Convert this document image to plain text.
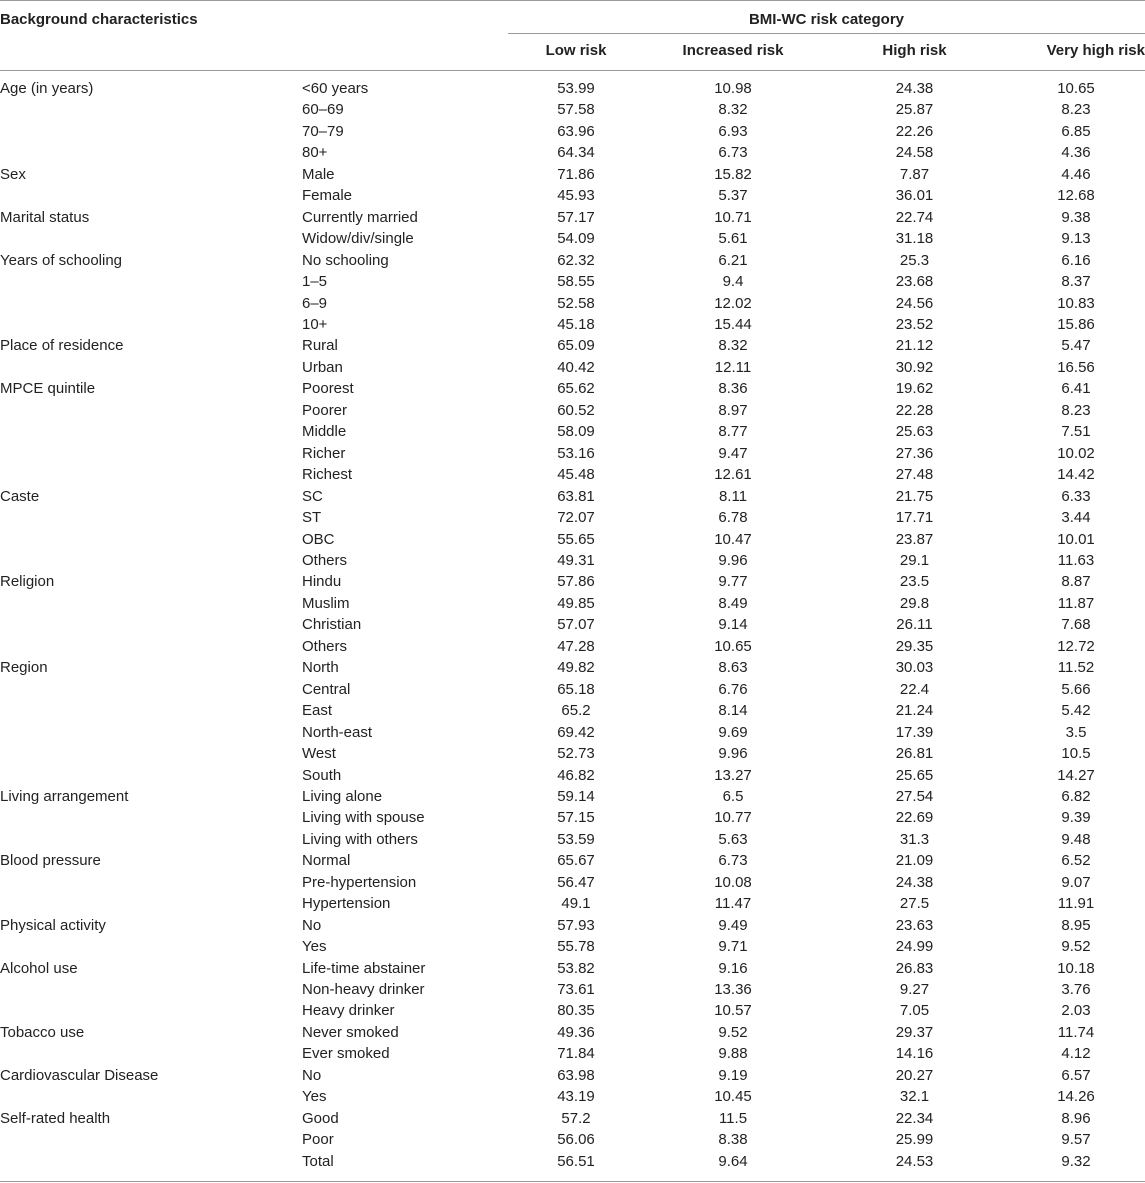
Background characteristics	BMI-WC risk category
Low risk	Increased risk	High risk	Very high risk
Age (in years)	<60 years	53.99	10.98	24.38	10.65
	60–69	57.58	8.32	25.87	8.23
	70–79	63.96	6.93	22.26	6.85
	80+	64.34	6.73	24.58	4.36
Sex	Male	71.86	15.82	7.87	4.46
	Female	45.93	5.37	36.01	12.68
Marital status	Currently married	57.17	10.71	22.74	9.38
	Widow/div/single	54.09	5.61	31.18	9.13
Years of schooling	No schooling	62.32	6.21	25.3	6.16
	1–5	58.55	9.4	23.68	8.37
	6–9	52.58	12.02	24.56	10.83
	10+	45.18	15.44	23.52	15.86
Place of residence	Rural	65.09	8.32	21.12	5.47
	Urban	40.42	12.11	30.92	16.56
MPCE quintile	Poorest	65.62	8.36	19.62	6.41
	Poorer	60.52	8.97	22.28	8.23
	Middle	58.09	8.77	25.63	7.51
	Richer	53.16	9.47	27.36	10.02
	Richest	45.48	12.61	27.48	14.42
Caste	SC	63.81	8.11	21.75	6.33
	ST	72.07	6.78	17.71	3.44
	OBC	55.65	10.47	23.87	10.01
	Others	49.31	9.96	29.1	11.63
Religion	Hindu	57.86	9.77	23.5	8.87
	Muslim	49.85	8.49	29.8	11.87
	Christian	57.07	9.14	26.11	7.68
	Others	47.28	10.65	29.35	12.72
Region	North	49.82	8.63	30.03	11.52
	Central	65.18	6.76	22.4	5.66
	East	65.2	8.14	21.24	5.42
	North-east	69.42	9.69	17.39	3.5
	West	52.73	9.96	26.81	10.5
	South	46.82	13.27	25.65	14.27
Living arrangement	Living alone	59.14	6.5	27.54	6.82
	Living with spouse	57.15	10.77	22.69	9.39
	Living with others	53.59	5.63	31.3	9.48
Blood pressure	Normal	65.67	6.73	21.09	6.52
	Pre-hypertension	56.47	10.08	24.38	9.07
	Hypertension	49.1	11.47	27.5	11.91
Physical activity	No	57.93	9.49	23.63	8.95
	Yes	55.78	9.71	24.99	9.52
Alcohol use	Life-time abstainer	53.82	9.16	26.83	10.18
	Non-heavy drinker	73.61	13.36	9.27	3.76
	Heavy drinker	80.35	10.57	7.05	2.03
Tobacco use	Never smoked	49.36	9.52	29.37	11.74
	Ever smoked	71.84	9.88	14.16	4.12
Cardiovascular Disease	No	63.98	9.19	20.27	6.57
	Yes	43.19	10.45	32.1	14.26
Self-rated health	Good	57.2	11.5	22.34	8.96
	Poor	56.06	8.38	25.99	9.57
	Total	56.51	9.64	24.53	9.32
